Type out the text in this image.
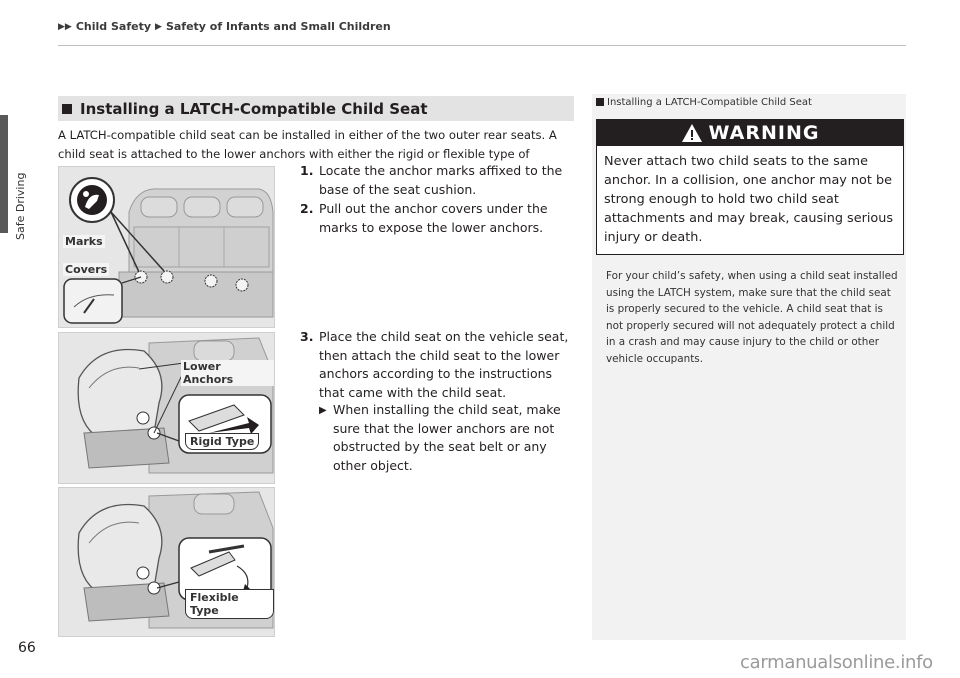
▶▶ Child Safety ▶ Safety of Infants and Small Children
Safe Driving
66
Installing a LATCH-Compatible Child Seat
A LATCH-compatible child seat can be installed in either of the two outer rear seats. A child seat is attached to the lower anchors with either the rigid or flexible type of
1. Locate the anchor marks affixed to the base of the seat cushion.
2. Pull out the anchor covers under the marks to expose the lower anchors.
3. Place the child seat on the vehicle seat, then attach the child seat to the lower anchors according to the instructions that came with the child seat.
▶ When installing the child seat, make sure that the lower anchors are not obstructed by the seat belt or any other object.
Marks
Covers
Lower Anchors
Rigid Type
Flexible Type
Installing a LATCH-Compatible Child Seat
WARNING
Never attach two child seats to the same anchor. In a collision, one anchor may not be strong enough to hold two child seat attachments and may break, causing serious injury or death.
For your child’s safety, when using a child seat installed using the LATCH system, make sure that the child seat is properly secured to the vehicle. A child seat that is not properly secured will not adequately protect a child in a crash and may cause injury to the child or other vehicle occupants.
carmanualsonline.info
